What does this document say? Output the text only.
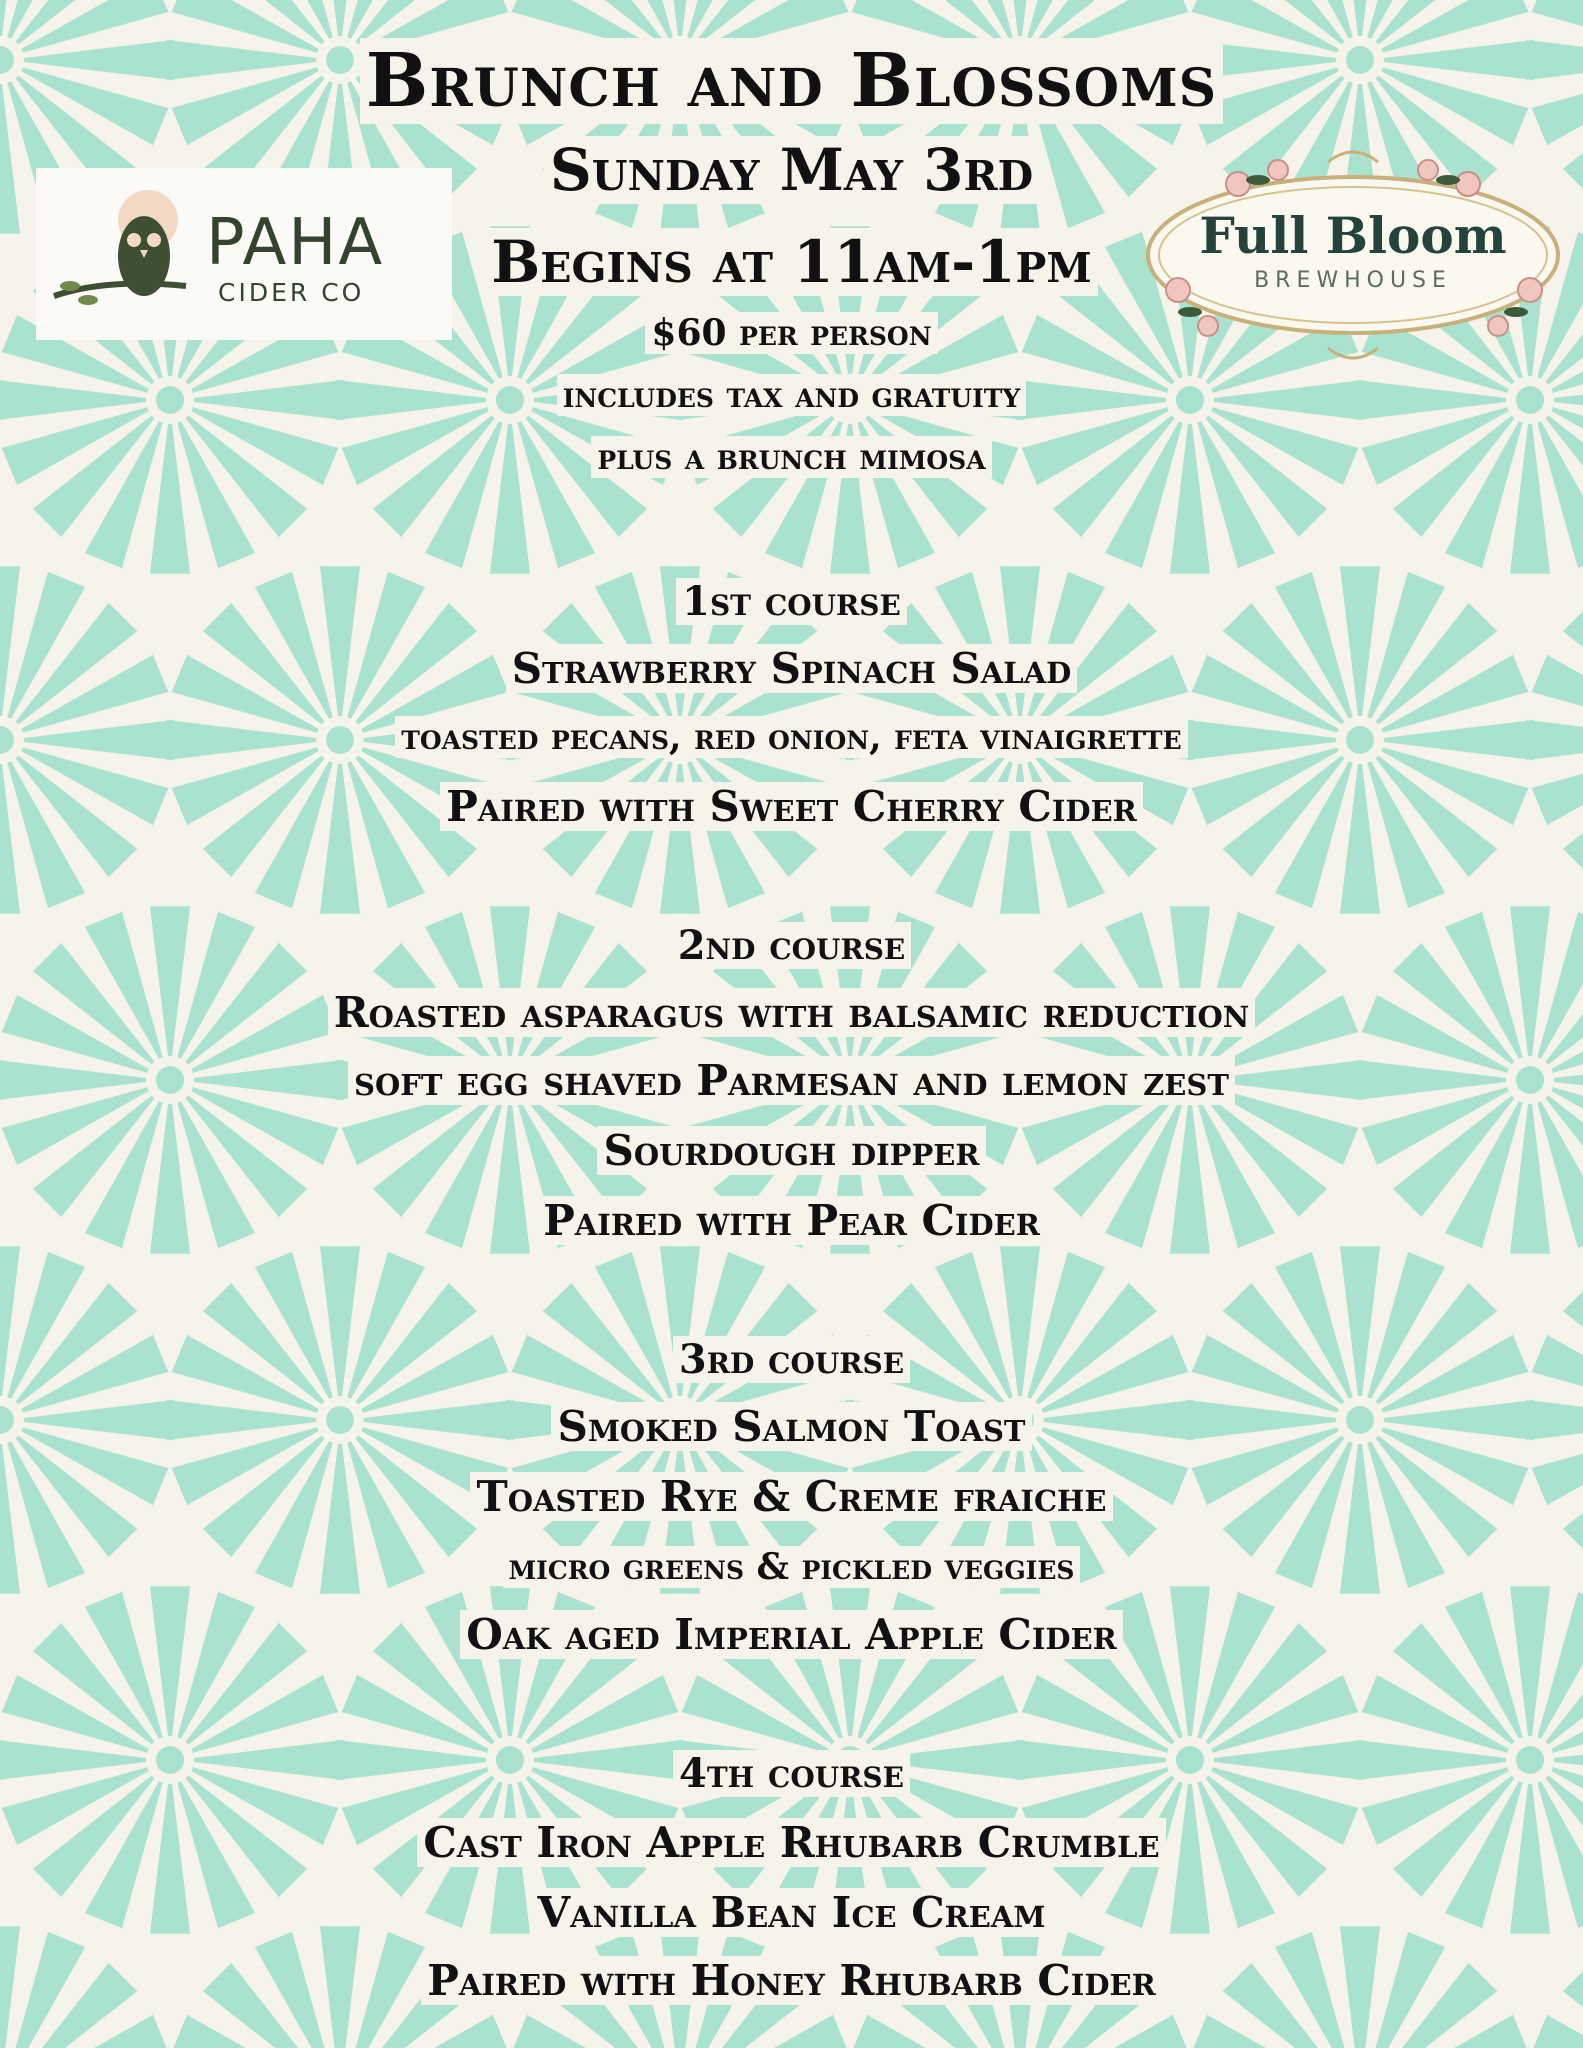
PAHA
CIDER CO
Full Bloom
BREWHOUSE
Brunch and Blossoms
Sunday May 3rd
Begins at 11am-1pm
$60 per person
includes tax and gratuity
plus a brunch mimosa
1st course
Strawberry Spinach Salad
toasted pecans, red onion, feta vinaigrette
Paired with Sweet Cherry Cider
2nd course
Roasted asparagus with balsamic reduction
soft egg shaved Parmesan and lemon zest
Sourdough dipper
Paired with Pear Cider
3rd course
Smoked Salmon Toast
Toasted Rye & Creme fraiche
micro greens & pickled veggies
Oak aged Imperial Apple Cider
4th course
Cast Iron Apple Rhubarb Crumble
Vanilla Bean Ice Cream
Paired with Honey Rhubarb Cider
